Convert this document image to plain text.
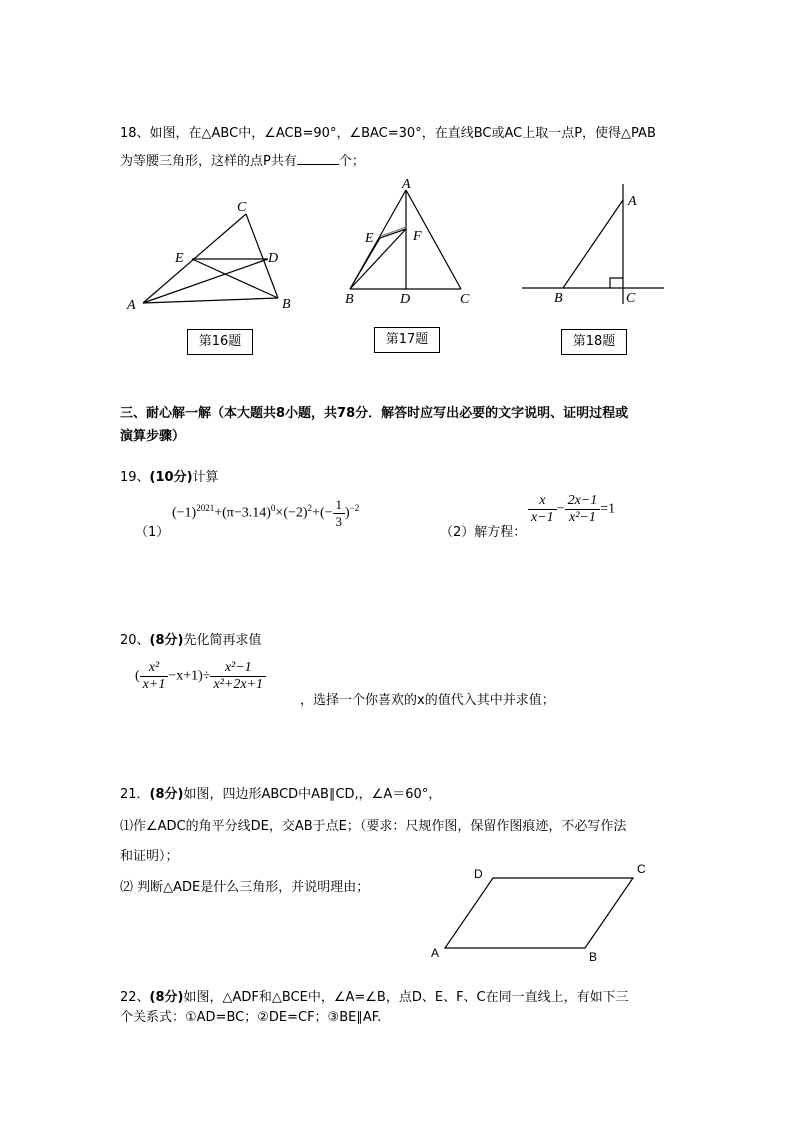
18、如图，在△ABC中，∠ACB=90°，∠BAC=30°，在直线BC或AC上取一点P，使得△PAB
为等腰三角形，这样的点P共有	个；
C
E	D
A	B
第16题
A
E	F
B	D	C
第17题
A
B	C
第18题
三、耐心解一解（本大题共8小题，共78分．解答时应写出必要的文字说明、证明过程或
演算步骤）
19、(10分)计算
（1）
$(-1)^{2021}+(\pi-3.14)^0\times(-2)^2+(- \frac{1}{3} )^{-2}$
（2）解方程：
$\frac{x}{x-1} - \frac{2x-1}{\text{x²−1}} =1$
20、(8分)先化简再求值
( $\frac{\text{x²}}{x+1} -x+1)\div \frac{\text{x²−1}}{\text{x²+2x+1}}$
，选择一个你喜欢的x的值代入其中并求值；
21．(8分)如图，四边形ABCD中AB∥CD,，∠A＝60°，
⑴作∠ADC的角平分线DE，交AB于点E；（要求：尺规作图，保留作图痕迹，不必写作法
和证明）；
⑵ 判断△ADE是什么三角形，并说明理由；
D	C
A	B
22、(8分)如图，△ADF和△BCE中，∠A=∠B，点D、E、F、C在同一直线上，有如下三
个关系式：①AD=BC；②DE=CF；③BE∥AF.
